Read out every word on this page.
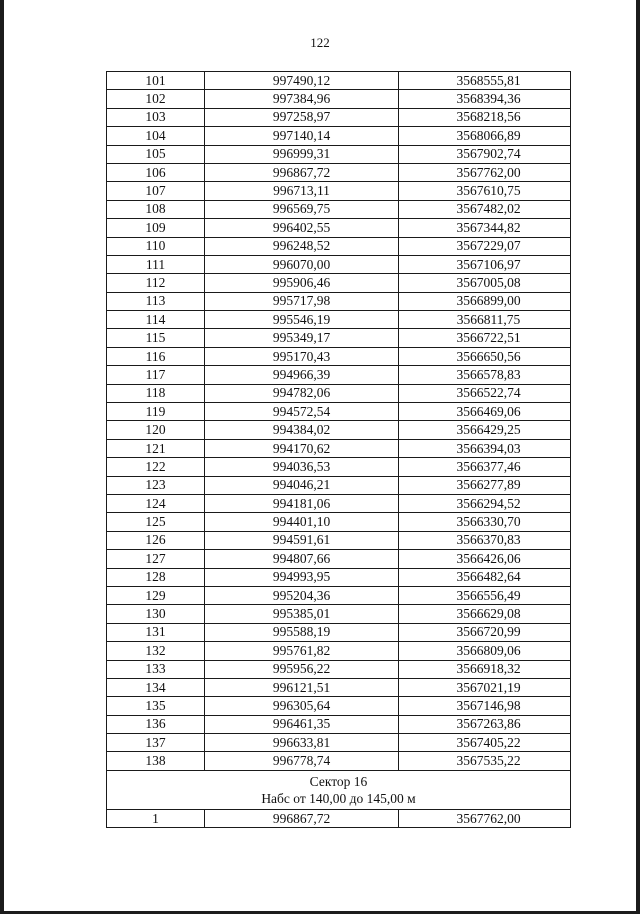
122
101	997490,12	3568555,81
102	997384,96	3568394,36
103	997258,97	3568218,56
104	997140,14	3568066,89
105	996999,31	3567902,74
106	996867,72	3567762,00
107	996713,11	3567610,75
108	996569,75	3567482,02
109	996402,55	3567344,82
110	996248,52	3567229,07
111	996070,00	3567106,97
112	995906,46	3567005,08
113	995717,98	3566899,00
114	995546,19	3566811,75
115	995349,17	3566722,51
116	995170,43	3566650,56
117	994966,39	3566578,83
118	994782,06	3566522,74
119	994572,54	3566469,06
120	994384,02	3566429,25
121	994170,62	3566394,03
122	994036,53	3566377,46
123	994046,21	3566277,89
124	994181,06	3566294,52
125	994401,10	3566330,70
126	994591,61	3566370,83
127	994807,66	3566426,06
128	994993,95	3566482,64
129	995204,36	3566556,49
130	995385,01	3566629,08
131	995588,19	3566720,99
132	995761,82	3566809,06
133	995956,22	3566918,32
134	996121,51	3567021,19
135	996305,64	3567146,98
136	996461,35	3567263,86
137	996633,81	3567405,22
138	996778,74	3567535,22

Сектор 16
Набс от 140,00 до 145,00 м		

1	996867,72	3567762,00
